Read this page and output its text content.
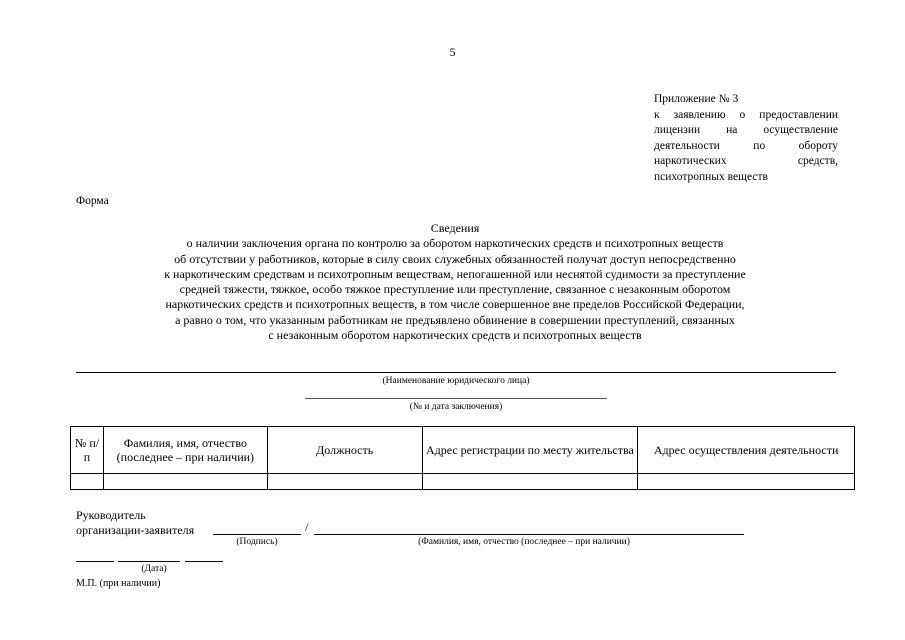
5
Приложение № 3
к заявлению о предоставлении лицензии на осуществление деятельности по обороту наркотических средств, психотропных веществ
Форма
Сведения
о наличии заключения органа по контролю за оборотом наркотических средств и психотропных веществ
об отсутствии у работников, которые в силу своих служебных обязанностей получат доступ непосредственно
к наркотическим средствам и психотропным веществам, непогашенной или неснятой судимости за преступление
средней тяжести, тяжкое, особо тяжкое преступление или преступление, связанное с незаконным оборотом
наркотических средств и психотропных веществ, в том числе совершенное вне пределов Российской Федерации,
а равно о том, что указанным работникам не предъявлено обвинение в совершении преступлений, связанных
с незаконным оборотом наркотических средств и психотропных веществ
(Наименование юридического лица)
(№ и дата заключения)
№ п/п	Фамилия, имя, отчество (последнее – при наличии)	Должность	Адрес регистрации по месту жительства	Адрес осуществления деятельности

Руководитель
организации-заявителя	/
(Подпись)	(Фамилия, имя, отчество (последнее – при наличии)
(Дата)
М.П. (при наличии)
